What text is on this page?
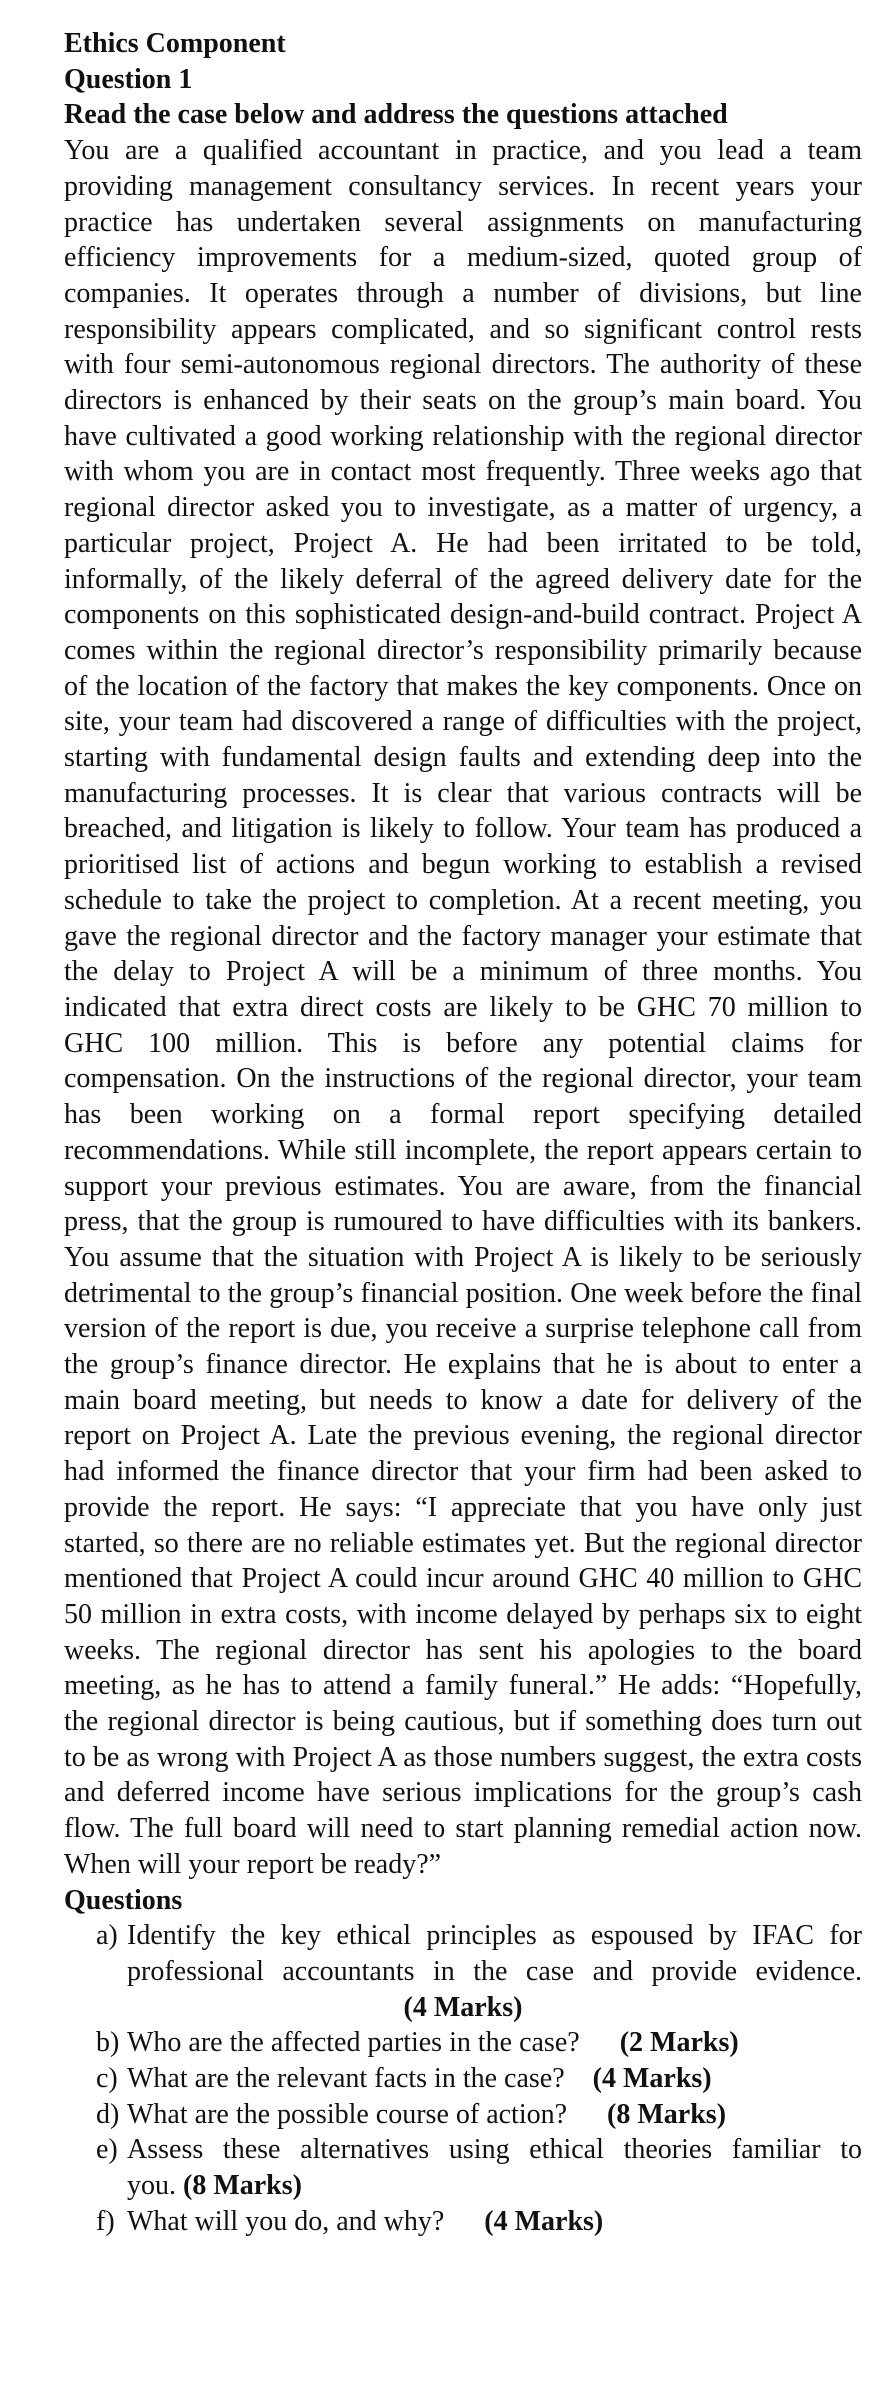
Ethics Component

Question 1

Read the case below and address the questions attached

You are a qualified accountant in practice, and you lead a team providing management consultancy services. In recent years your practice has undertaken several assignments on manufacturing efficiency improvements for a medium-sized, quoted group of companies. It operates through a number of divisions, but line responsibility appears complicated, and so significant control rests with four semi-autonomous regional directors. The authority of these directors is enhanced by their seats on the group’s main board. You have cultivated a good working relationship with the regional director with whom you are in contact most frequently. Three weeks ago that regional director asked you to investigate, as a matter of urgency, a particular project, Project A. He had been irritated to be told, informally, of the likely deferral of the agreed delivery date for the components on this sophisticated design-and-build contract. Project A comes within the regional director’s responsibility primarily because of the location of the factory that makes the key components. Once on site, your team had discovered a range of difficulties with the project, starting with fundamental design faults and extending deep into the manufacturing processes. It is clear that various contracts will be breached, and litigation is likely to follow. Your team has produced a prioritised list of actions and begun working to establish a revised schedule to take the project to completion. At a recent meeting, you gave the regional director and the factory manager your estimate that the delay to Project A will be a minimum of three months. You indicated that extra direct costs are likely to be GHC 70 million to GHC 100 million. This is before any potential claims for compensation. On the instructions of the regional director, your team has been working on a formal report specifying detailed recommendations. While still incomplete, the report appears certain to support your previous estimates. You are aware, from the financial press, that the group is rumoured to have difficulties with its bankers. You assume that the situation with Project A is likely to be seriously detrimental to the group’s financial position. One week before the final version of the report is due, you receive a surprise telephone call from the group’s finance director. He explains that he is about to enter a main board meeting, but needs to know a date for delivery of the report on Project A. Late the previous evening, the regional director had informed the finance director that your firm had been asked to provide the report. He says: “I appreciate that you have only just started, so there are no reliable estimates yet. But the regional director mentioned that Project A could incur around GHC 40 million to GHC 50 million in extra costs, with income delayed by perhaps six to eight weeks. The regional director has sent his apologies to the board meeting, as he has to attend a family funeral.” He adds: “Hopefully, the regional director is being cautious, but if something does turn out to be as wrong with Project A as those numbers suggest, the extra costs and deferred income have serious implications for the group’s cash flow. The full board will need to start planning remedial action now. When will your report be ready?”

Questions

a) Identify the key ethical principles as espoused by IFAC for
professional accountants in the case and provide evidence.
(4 Marks)
b) Who are the affected parties in the case? (2 Marks)
c) What are the relevant facts in the case? (4 Marks)
d) What are the possible course of action? (8 Marks)
e) Assess these alternatives using ethical theories familiar to
you. (8 Marks)
f) What will you do, and why? (4 Marks)
